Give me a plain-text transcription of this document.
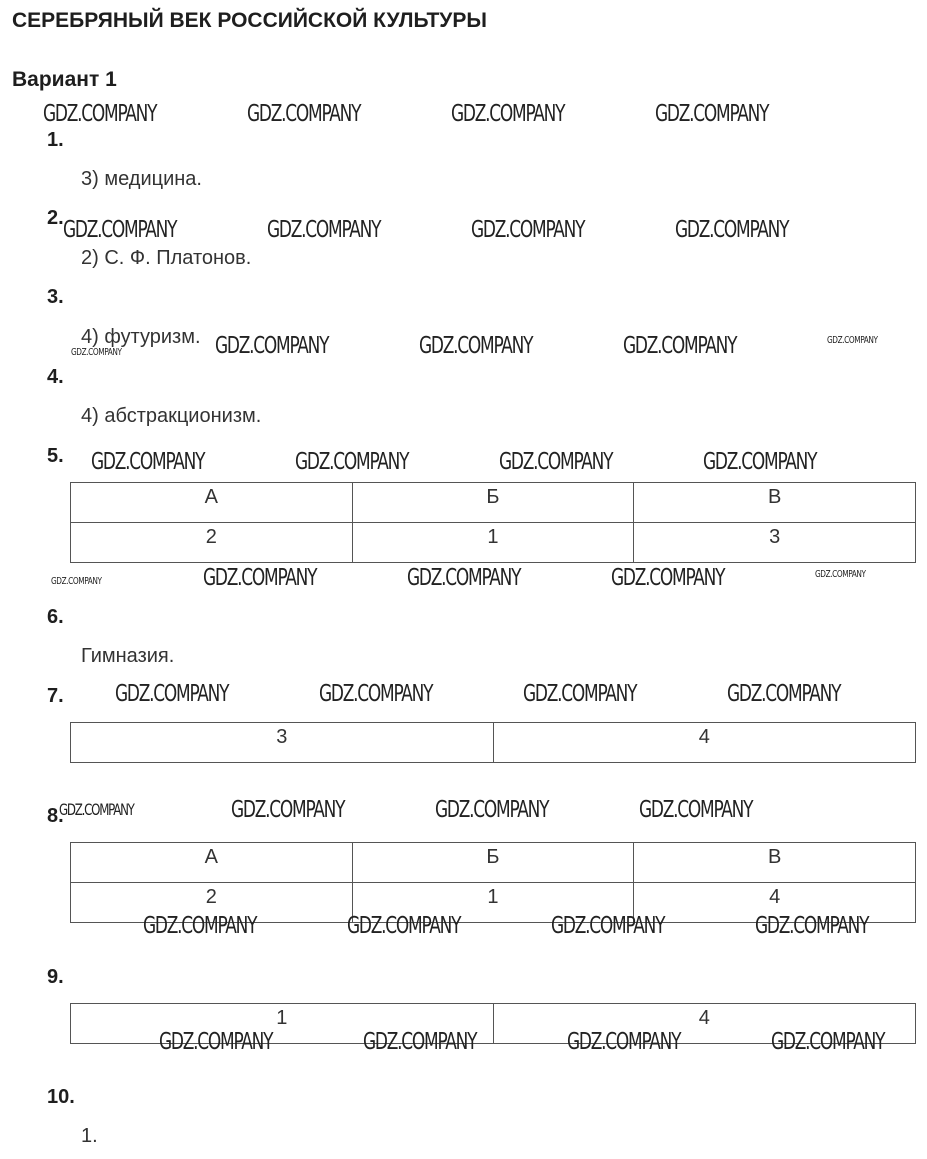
СЕРЕБРЯНЫЙ ВЕК РОССИЙСКОЙ КУЛЬТУРЫ
Вариант 1
1.
3) медицина.
2.
2) С. Ф. Платонов.
3.
4) футуризм.
4.
4) абстракционизм.
5.
А	Б	В
2	1	3
6.
Гимназия.
7.
3	4
8.
А	Б	В
2	1	4
9.
1	4
10.
1.
GDZ.COMPANY	GDZ.COMPANY	GDZ.COMPANY	GDZ.COMPANY
GDZ.COMPANY	GDZ.COMPANY	GDZ.COMPANY	GDZ.COMPANY
GDZ.COMPANY	GDZ.COMPANY	GDZ.COMPANY	GDZ.COMPANY	GDZ.COMPANY
GDZ.COMPANY	GDZ.COMPANY	GDZ.COMPANY	GDZ.COMPANY
GDZ.COMPANY	GDZ.COMPANY	GDZ.COMPANY	GDZ.COMPANY	GDZ.COMPANY
GDZ.COMPANY	GDZ.COMPANY	GDZ.COMPANY	GDZ.COMPANY
GDZ.COMPANY	GDZ.COMPANY	GDZ.COMPANY	GDZ.COMPANY
GDZ.COMPANY	GDZ.COMPANY	GDZ.COMPANY	GDZ.COMPANY
GDZ.COMPANY	GDZ.COMPANY	GDZ.COMPANY	GDZ.COMPANY
